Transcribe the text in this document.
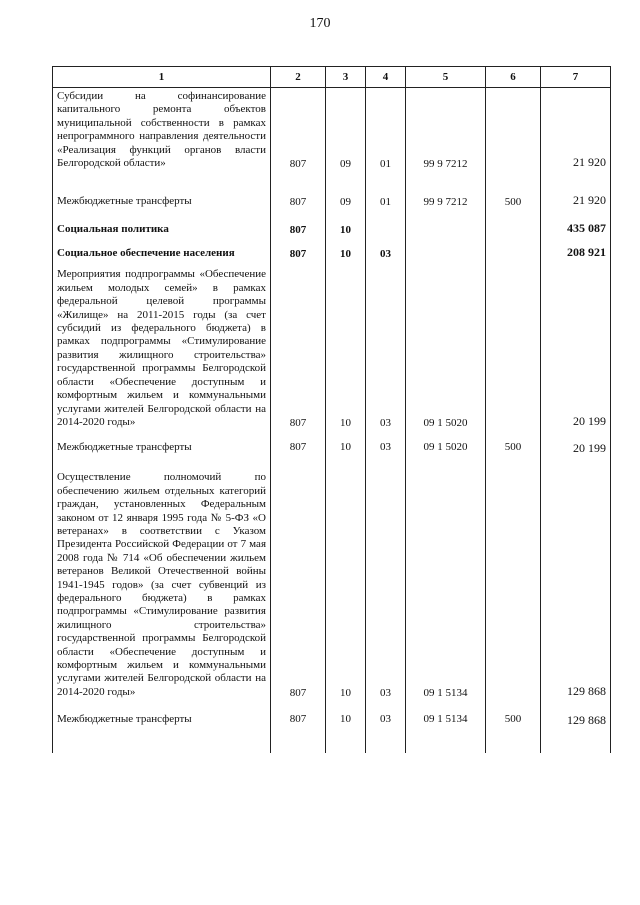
170
1	2	3	4	5	6	7
Субсидии на софинансирование капитального ремонта объектов муниципальной собственности в рамках непрограммного направления деятельности «Реализация функций органов власти Белгородской области»	807	09	01	99 9 7212		21 920
Межбюджетные трансферты	807	09	01	99 9 7212	500	21 920
Социальная политика	807	10				435 087
Социальное обеспечение населения	807	10	03			208 921
Мероприятия подпрограммы «Обеспечение жильем молодых семей» в рамках федеральной целевой программы «Жилище» на 2011-2015 годы (за счет субсидий из федерального бюджета) в рамках подпрограммы «Стимулирование развития жилищного строительства» государственной программы Белгородской области «Обеспечение доступным и комфортным жильем и коммунальными услугами жителей Белгородской области на 2014-2020 годы»	807	10	03	09 1 5020		20 199
Межбюджетные трансферты	807	10	03	09 1 5020	500	20 199
Осуществление полномочий по обеспечению жильем отдельных категорий граждан, установленных Федеральным законом от 12 января 1995 года № 5-ФЗ «О ветеранах» в соответствии с Указом Президента Российской Федерации от 7 мая 2008 года № 714 «Об обеспечении жильем ветеранов Великой Отечественной войны 1941-1945 годов» (за счет субвенций из федерального бюджета) в рамках подпрограммы «Стимулирование развития жилищного строительства» государственной программы Белгородской области «Обеспечение доступным и комфортным жильем и коммунальными услугами жителей Белгородской области на 2014-2020 годы»	807	10	03	09 1 5134		129 868
Межбюджетные трансферты	807	10	03	09 1 5134	500	129 868
